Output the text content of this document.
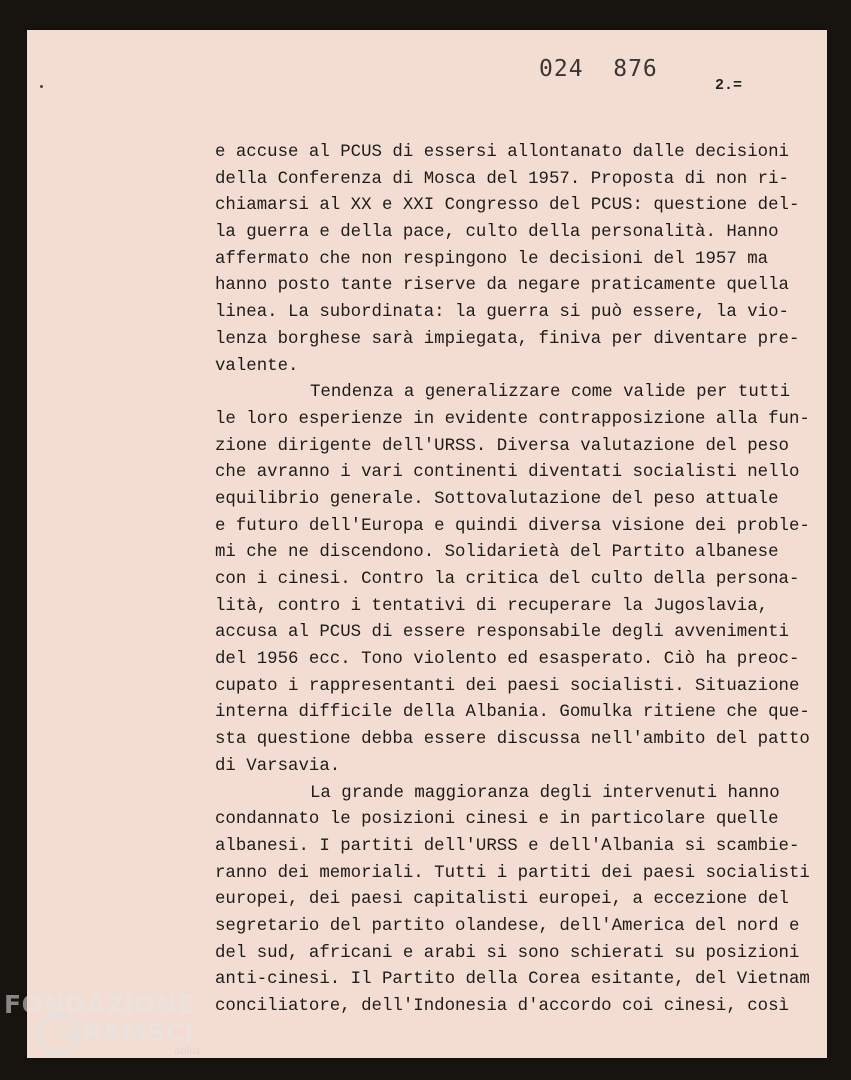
024  876
2.=
e accuse al PCUS di essersi allontanato dalle decisioni
della Conferenza di Mosca del 1957. Proposta di non ri-
chiamarsi al XX e XXI Congresso del PCUS: questione del-
la guerra e della pace, culto della personalità. Hanno
affermato che non respingono le decisioni del 1957 ma
hanno posto tante riserve da negare praticamente quella
linea. La subordinata: la guerra si può essere, la vio-
lenza borghese sarà impiegata, finiva per diventare pre-
valente.
Tendenza a generalizzare come valide per tutti
le loro esperienze in evidente contrapposizione alla fun-
zione dirigente dell'URSS. Diversa valutazione del peso
che avranno i vari continenti diventati socialisti nello
equilibrio generale. Sottovalutazione del peso attuale
e futuro dell'Europa e quindi diversa visione dei proble-
mi che ne discendono. Solidarietà del Partito albanese
con i cinesi. Contro la critica del culto della persona-
lità, contro i tentativi di recuperare la Jugoslavia,
accusa al PCUS di essere responsabile degli avvenimenti
del 1956 ecc. Tono violento ed esasperato. Ciò ha preoc-
cupato i rappresentanti dei paesi socialisti. Situazione
interna difficile della Albania. Gomulka ritiene che que-
sta questione debba essere discussa nell'ambito del patto
di Varsavia.
La grande maggioranza degli intervenuti hanno
condannato le posizioni cinesi e in particolare quelle
albanesi. I partiti dell'URSS e dell'Albania si scambie-
ranno dei memoriali. Tutti i partiti dei paesi socialisti
europei, dei paesi capitalisti europei, a eccezione del
segretario del partito olandese, dell'America del nord e
del sud, africani e arabi si sono schierati su posizioni
anti-cinesi. Il Partito della Corea esitante, del Vietnam
conciliatore, dell'Indonesia d'accordo coi cinesi, così
FONDAZIONE
RAMSCI
onlus
